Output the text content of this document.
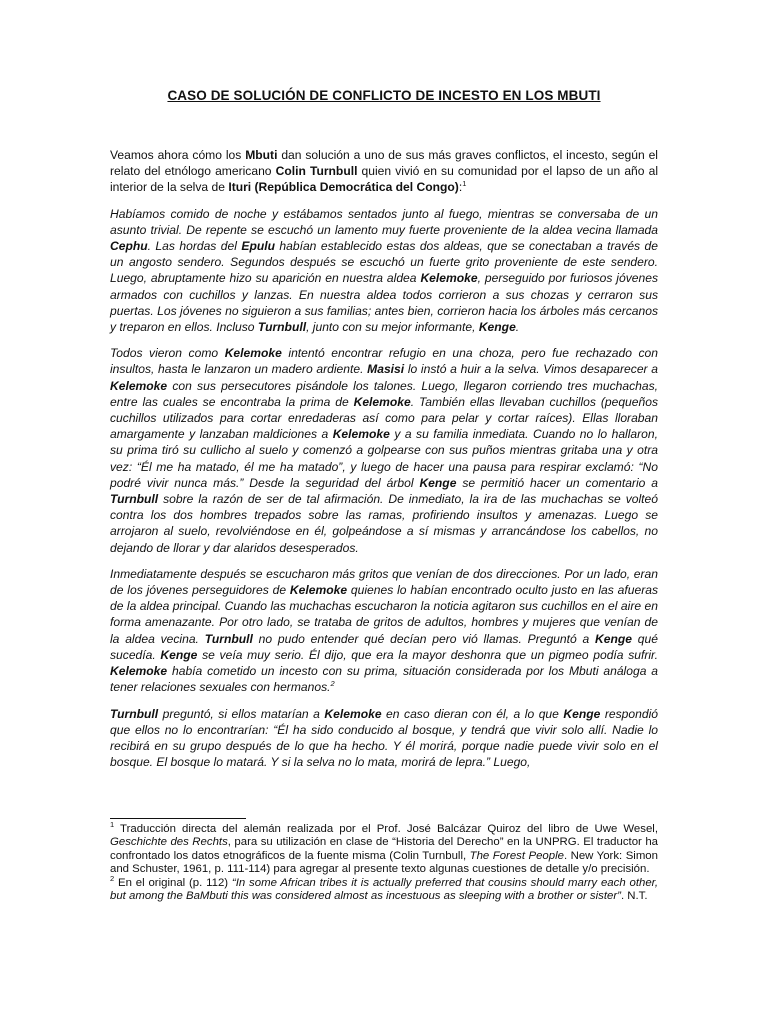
CASO DE SOLUCIÓN DE CONFLICTO DE INCESTO EN LOS MBUTI

Veamos ahora cómo los Mbuti dan solución a uno de sus más graves conflictos, el incesto, según el relato del etnólogo americano Colin Turnbull quien vivió en su comunidad por el lapso de un año al interior de la selva de Ituri (República Democrática del Congo):$^1$

Habíamos comido de noche y estábamos sentados junto al fuego, mientras se conversaba de un asunto trivial. De repente se escuchó un lamento muy fuerte proveniente de la aldea vecina llamada Cephu. Las hordas del Epulu habían establecido estas dos aldeas, que se conectaban a través de un angosto sendero. Segundos después se escuchó un fuerte grito proveniente de este sendero. Luego, abruptamente hizo su aparición en nuestra aldea Kelemoke, perseguido por furiosos jóvenes armados con cuchillos y lanzas. En nuestra aldea todos corrieron a sus chozas y cerraron sus puertas. Los jóvenes no siguieron a sus familias; antes bien, corrieron hacia los árboles más cercanos y treparon en ellos. Incluso Turnbull, junto con su mejor informante, Kenge.

Todos vieron como Kelemoke intentó encontrar refugio en una choza, pero fue rechazado con insultos, hasta le lanzaron un madero ardiente. Masisi lo instó a huir a la selva. Vimos desaparecer a Kelemoke con sus persecutores pisándole los talones. Luego, llegaron corriendo tres muchachas, entre las cuales se encontraba la prima de Kelemoke. También ellas llevaban cuchillos (pequeños cuchillos utilizados para cortar enredaderas así como para pelar y cortar raíces). Ellas lloraban amargamente y lanzaban maldiciones a Kelemoke y a su familia inmediata. Cuando no lo hallaron, su prima tiró su cullicho al suelo y comenzó a golpearse con sus puños mientras gritaba una y otra vez: “Él me ha matado, él me ha matado”, y luego de hacer una pausa para respirar exclamó: “No podré vivir nunca más.” Desde la seguridad del árbol Kenge se permitió hacer un comentario a Turnbull sobre la razón de ser de tal afirmación. De inmediato, la ira de las muchachas se volteó contra los dos hombres trepados sobre las ramas, profiriendo insultos y amenazas. Luego se arrojaron al suelo, revolviéndose en él, golpeándose a sí mismas y arrancándose los cabellos, no dejando de llorar y dar alaridos desesperados.

Inmediatamente después se escucharon más gritos que venían de dos direcciones. Por un lado, eran de los jóvenes perseguidores de Kelemoke quienes lo habían encontrado oculto justo en las afueras de la aldea principal. Cuando las muchachas escucharon la noticia agitaron sus cuchillos en el aire en forma amenazante. Por otro lado, se trataba de gritos de adultos, hombres y mujeres que venían de la aldea vecina. Turnbull no pudo entender qué decían pero vió llamas. Preguntó a Kenge qué sucedía. Kenge se veía muy serio. Él dijo, que era la mayor deshonra que un pigmeo podía sufrir. Kelemoke había cometido un incesto con su prima, situación considerada por los Mbuti análoga a tener relaciones sexuales con hermanos.$^2$

Turnbull preguntó, si ellos matarían a Kelemoke en caso dieran con él, a lo que Kenge respondió que ellos no lo encontrarían: “Él ha sido conducido al bosque, y tendrá que vivir solo allí. Nadie lo recibirá en su grupo después de lo que ha hecho. Y él morirá, porque nadie puede vivir solo en el bosque. El bosque lo matará. Y si la selva no lo mata, morirá de lepra.” Luego,

$^1$ Traducción directa del alemán realizada por el Prof. José Balcázar Quiroz del libro de Uwe Wesel, Geschichte des Rechts, para su utilización en clase de “Historia del Derecho” en la UNPRG. El traductor ha confrontado los datos etnográficos de la fuente misma (Colin Turnbull, The Forest People. New York: Simon and Schuster, 1961, p. 111-114) para agregar al presente texto algunas cuestiones de detalle y/o precisión.

$^2$ En el original (p. 112) “In some African tribes it is actually preferred that cousins should marry each other, but among the BaMbuti this was considered almost as incestuous as sleeping with a brother or sister”. N.T.
